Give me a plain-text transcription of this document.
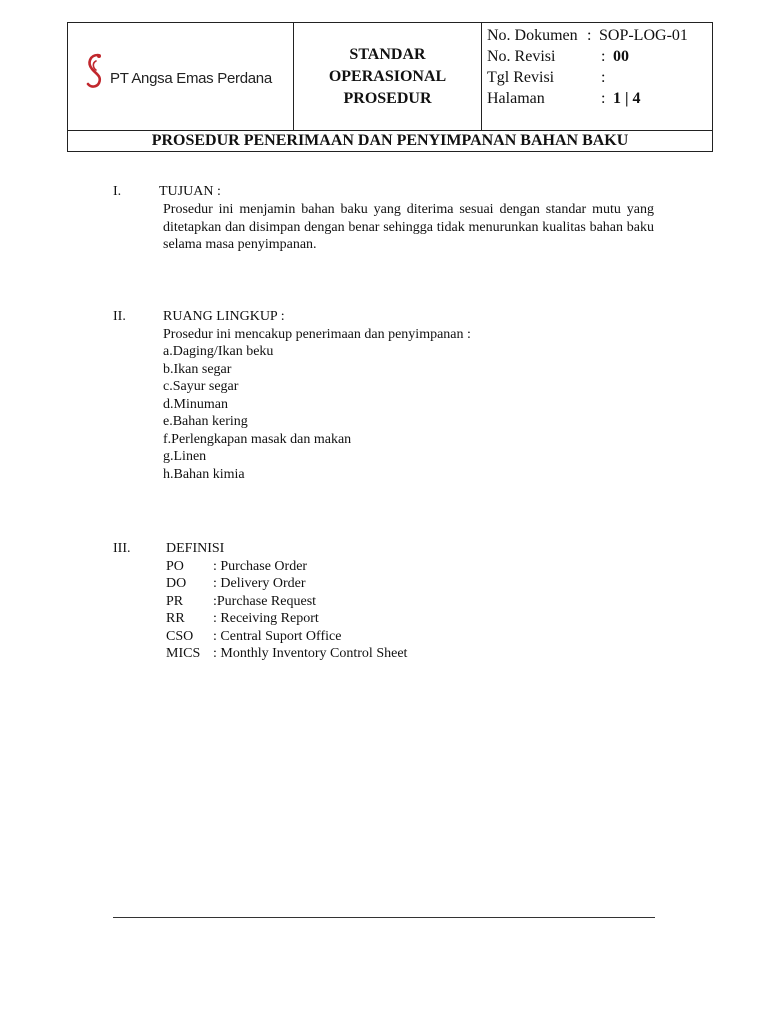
PT Angsa Emas Perdana
STANDAR
OPERASIONAL
PROSEDUR
No. Dokumen : SOP-LOG-01
No. Revisi	: 00
Tgl Revisi	:
Halaman	: 1 | 4
PROSEDUR PENERIMAAN DAN PENYIMPANAN BAHAN BAKU
I.	TUJUAN :
Prosedur ini menjamin bahan baku yang diterima sesuai dengan standar mutu yang ditetapkan dan disimpan dengan benar sehingga tidak menurunkan kualitas bahan baku selama masa penyimpanan.
II.	RUANG LINGKUP :
Prosedur ini mencakup penerimaan dan penyimpanan :
a.Daging/Ikan beku
b.Ikan segar
c.Sayur segar
d.Minuman
e.Bahan kering
f.Perlengkapan masak dan makan
g.Linen
h.Bahan kimia
III.	DEFINISI
PO	: Purchase Order
DO	: Delivery Order
PR	:Purchase Request
RR	: Receiving Report
CSO	: Central Suport Office
MICS : Monthly Inventory Control Sheet
